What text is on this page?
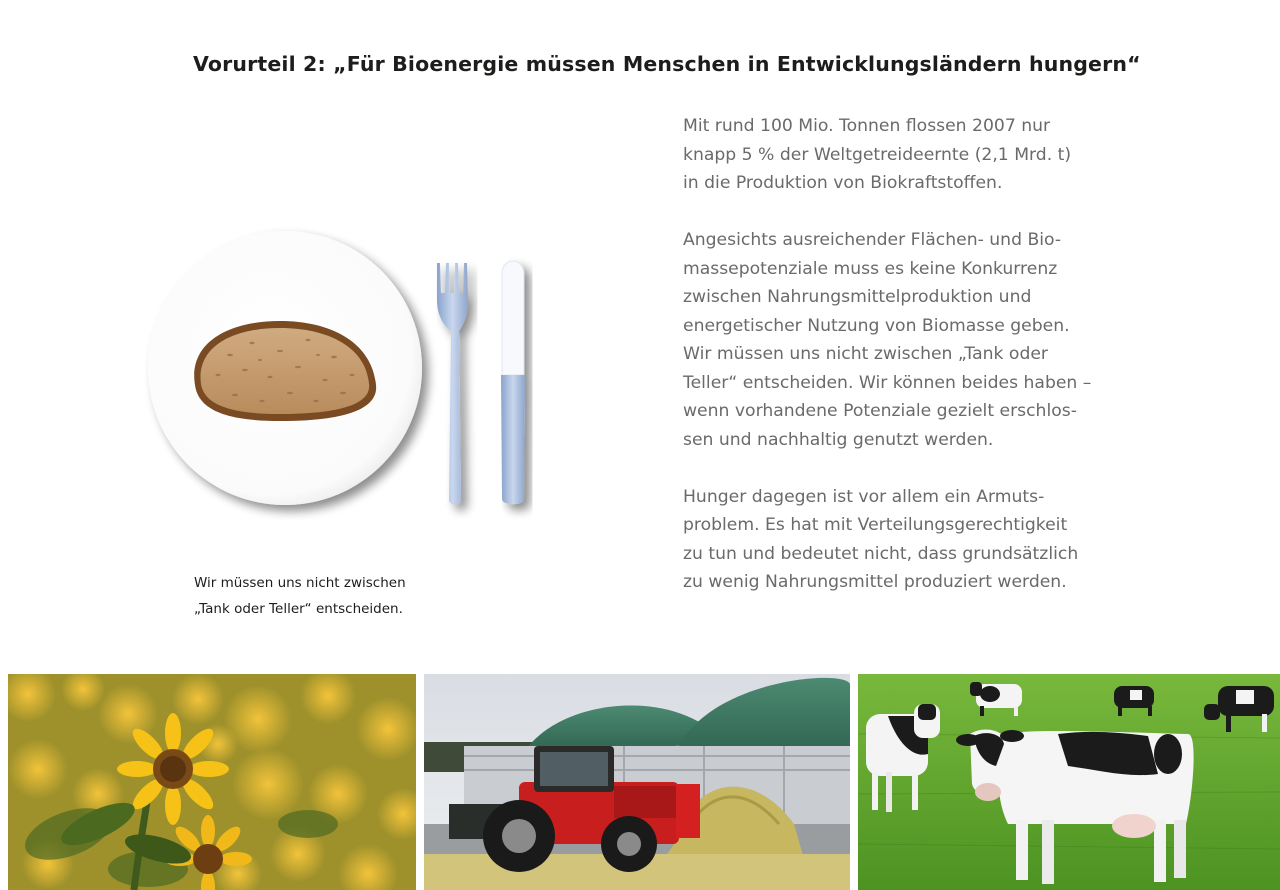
Vorurteil 2: „Für Bioenergie müssen Menschen in Entwicklungsländern hungern“
Wir müssen uns nicht zwischen
„Tank oder Teller“ entscheiden.

Mit rund 100 Mio. Tonnen flossen 2007 nur
knapp 5 % der Weltgetreideernte (2,1 Mrd. t)
in die Produktion von Biokraftstoffen.

Angesichts ausreichender Flächen- und Bio-
massepotenziale muss es keine Konkurrenz
zwischen Nahrungsmittelproduktion und
energetischer Nutzung von Biomasse geben.
Wir müssen uns nicht zwischen „Tank oder
Teller“ entscheiden. Wir können beides haben –
wenn vorhandene Potenziale gezielt erschlos-
sen und nachhaltig genutzt werden.

Hunger dagegen ist vor allem ein Armuts-
problem. Es hat mit Verteilungsgerechtigkeit
zu tun und bedeutet nicht, dass grundsätzlich
zu wenig Nahrungsmittel produziert werden.
